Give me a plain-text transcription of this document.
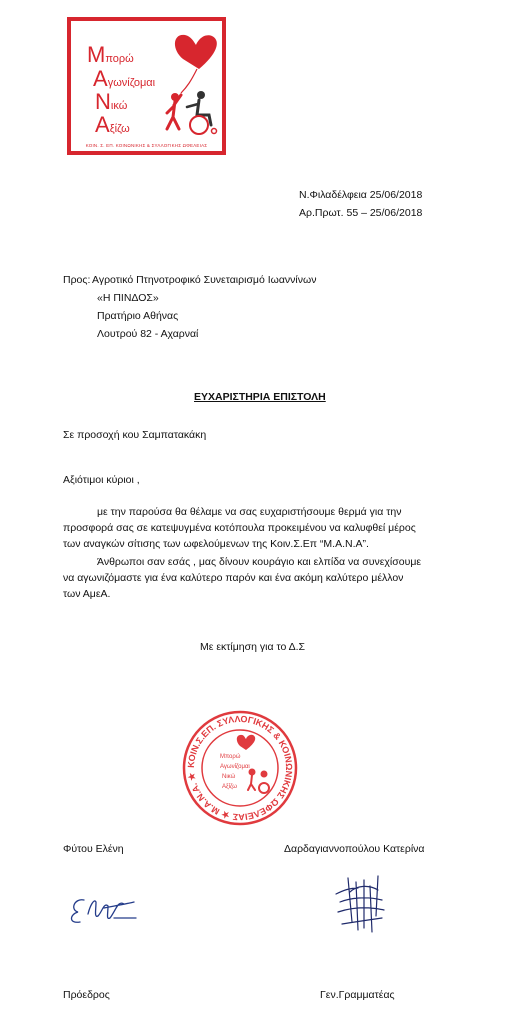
Μπορώ
Αγωνίζομαι
Νικώ
Αξίζω
ΚΟΙΝ. Σ. ΕΠ. ΚΟΙΝΩΝΙΚΗΣ & ΣΥΛΛΟΓΙΚΗΣ ΩΦΕΛΕΙΑΣ
Ν.Φιλαδέλφεια 25/06/2018
Αρ.Πρωτ. 55 – 25/06/2018
Προς: Αγροτικό Πτηνοτροφικό Συνεταιρισμό Ιωαννίνων
«Η ΠΙΝΔΟΣ»
Πρατήριο Αθήνας
Λουτρού 82 - Αχαρναί
ΕΥΧΑΡΙΣΤΗΡΙΑ ΕΠΙΣΤΟΛΗ
Σε προσοχή κου Σαμπατακάκη
Αξιότιμοι κύριοι ,
με την παρούσα θα θέλαμε να σας ευχαριστήσουμε θερμά για την
προσφορά σας σε κατεψυγμένα κοτόπουλα προκειμένου να καλυφθεί μέρος
των αναγκών σίτισης των ωφελούμενων της Κοιν.Σ.Επ “Μ.Α.Ν.Α”.
Άνθρωποι σαν εσάς , μας δίνουν κουράγιο και ελπίδα να συνεχίσουμε
να αγωνιζόμαστε για ένα καλύτερο παρόν και ένα ακόμη καλύτερο μέλλον
των ΑμεΑ.
Με εκτίμηση για το Δ.Σ
ΚΟΙΝ.Σ.ΕΠ. ΣΥΛΛΟΓΙΚΗΣ & ΚΟΙΝΩΝΙΚΗΣ ΩΦΕΛΕΙΑΣ ★ Μ.Α.Ν.Α. ★
Μπορώ
Αγωνίζομαι
Νικώ
Αξίζω
Φύτου Ελένη	Δαρδαγιαννοπούλου Κατερίνα
Πρόεδρος	Γεν.Γραμματέας
